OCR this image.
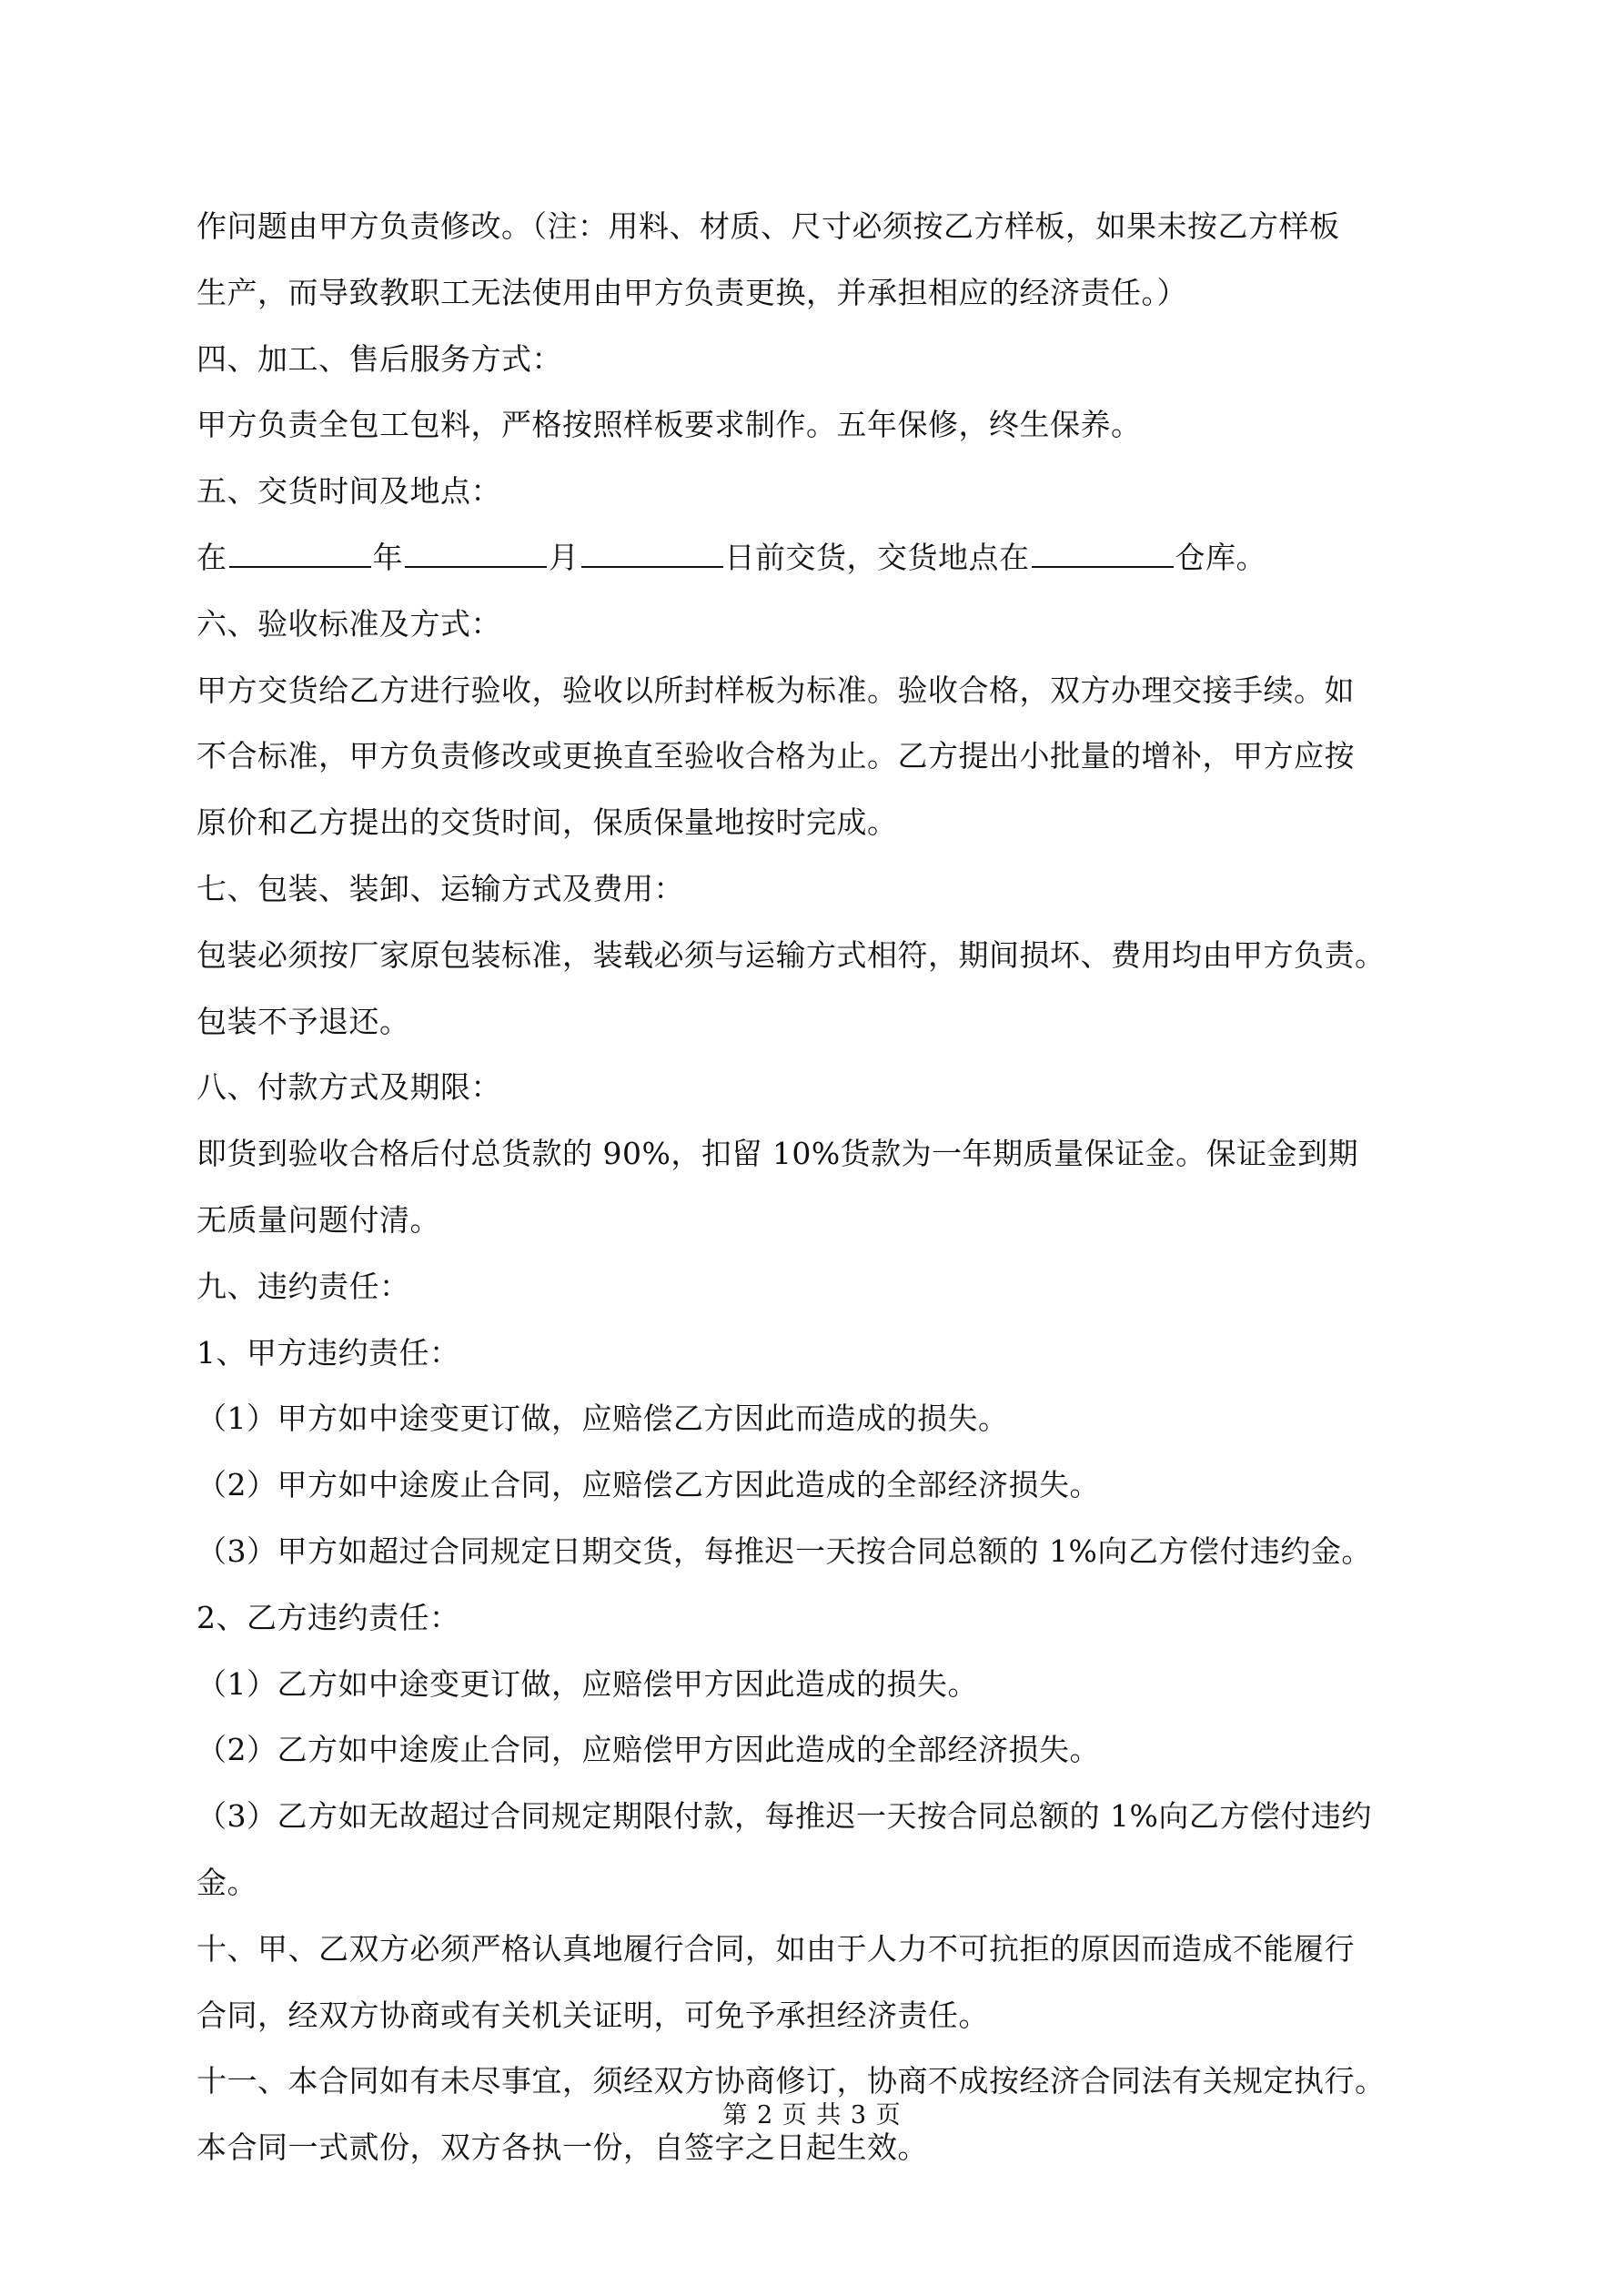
作问题由甲方负责修改。（注：用料、材质、尺寸必须按乙方样板，如果未按乙方样板
生产，而导致教职工无法使用由甲方负责更换，并承担相应的经济责任。）
四、加工、售后服务方式：
甲方负责全包工包料，严格按照样板要求制作。五年保修，终生保养。
五、交货时间及地点：
在	年	月	日前交货，交货地点在	仓库。
六、验收标准及方式：
甲方交货给乙方进行验收，验收以所封样板为标准。验收合格，双方办理交接手续。如
不合标准，甲方负责修改或更换直至验收合格为止。乙方提出小批量的增补，甲方应按
原价和乙方提出的交货时间，保质保量地按时完成。
七、包装、装卸、运输方式及费用：
包装必须按厂家原包装标准，装载必须与运输方式相符，期间损坏、费用均由甲方负责。
包装不予退还。
八、付款方式及期限：
即货到验收合格后付总货款的 90%，扣留 10%货款为一年期质量保证金。保证金到期
无质量问题付清。
九、违约责任：
1、甲方违约责任：
（1）甲方如中途变更订做，应赔偿乙方因此而造成的损失。
（2）甲方如中途废止合同，应赔偿乙方因此造成的全部经济损失。
（3）甲方如超过合同规定日期交货，每推迟一天按合同总额的 1%向乙方偿付违约金。
2、乙方违约责任：
（1）乙方如中途变更订做，应赔偿甲方因此造成的损失。
（2）乙方如中途废止合同，应赔偿甲方因此造成的全部经济损失。
（3）乙方如无故超过合同规定期限付款，每推迟一天按合同总额的 1%向乙方偿付违约
金。
十、甲、乙双方必须严格认真地履行合同，如由于人力不可抗拒的原因而造成不能履行
合同，经双方协商或有关机关证明，可免予承担经济责任。
十一、本合同如有未尽事宜，须经双方协商修订，协商不成按经济合同法有关规定执行。
本合同一式贰份，双方各执一份，自签字之日起生效。
第 2 页 共 3 页
